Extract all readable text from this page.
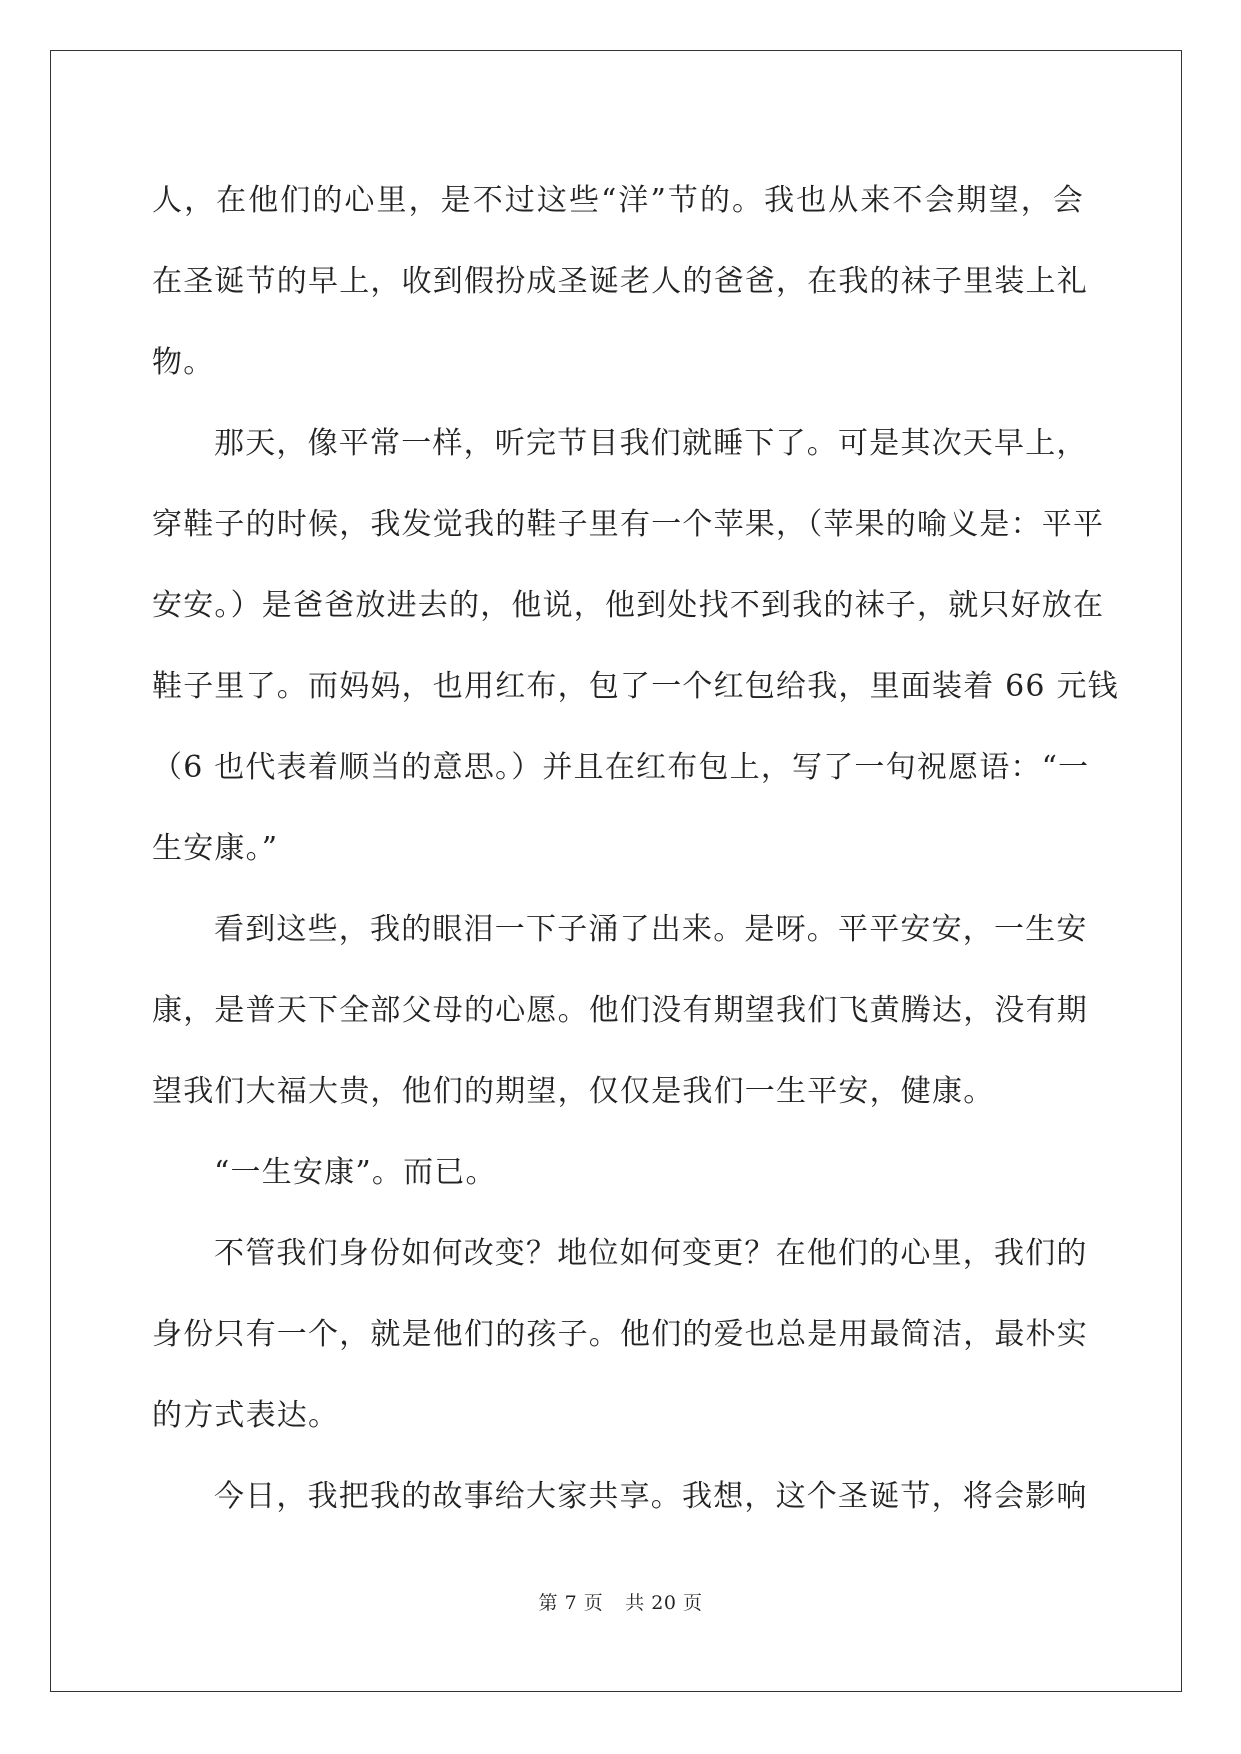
人，在他们的心里，是不过这些“洋”节的。我也从来不会期望，会
在圣诞节的早上，收到假扮成圣诞老人的爸爸，在我的袜子里装上礼
物。
那天，像平常一样，听完节目我们就睡下了。可是其次天早上，
穿鞋子的时候，我发觉我的鞋子里有一个苹果，（苹果的喻义是：平平
安安。）是爸爸放进去的，他说，他到处找不到我的袜子，就只好放在
鞋子里了。而妈妈，也用红布，包了一个红包给我，里面装着 66 元钱
（6 也代表着顺当的意思。）并且在红布包上，写了一句祝愿语：“一
生安康。”
看到这些，我的眼泪一下子涌了出来。是呀。平平安安，一生安
康，是普天下全部父母的心愿。他们没有期望我们飞黄腾达，没有期
望我们大福大贵，他们的期望，仅仅是我们一生平安，健康。
“一生安康”。而已。
不管我们身份如何改变？地位如何变更？在他们的心里，我们的
身份只有一个，就是他们的孩子。他们的爱也总是用最简洁，最朴实
的方式表达。
今日，我把我的故事给大家共享。我想，这个圣诞节，将会影响
第 7 页 共 20 页
